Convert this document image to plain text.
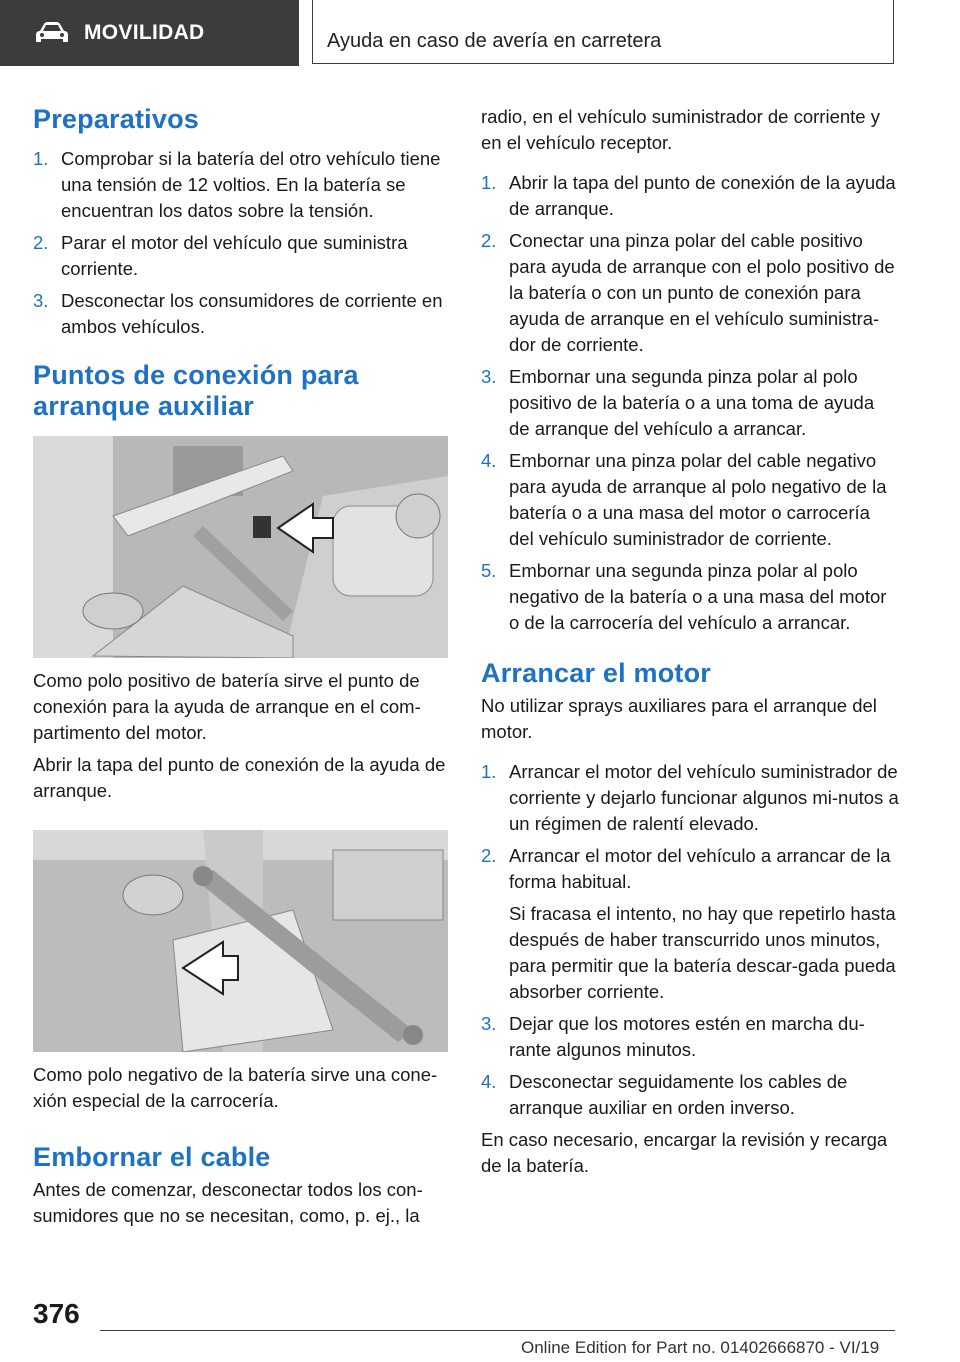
MOVILIDAD	Ayuda en caso de avería en carretera
Preparativos
1. Comprobar si la batería del otro vehículo tiene una tensión de 12 voltios. En la batería se encuentran los datos sobre la tensión.
2. Parar el motor del vehículo que suministra corriente.
3. Desconectar los consumidores de corriente en ambos vehículos.
Puntos de conexión para arranque auxiliar

Como polo positivo de batería sirve el punto de conexión para la ayuda de arranque en el com‐partimento del motor.

Abrir la tapa del punto de conexión de la ayuda de arranque.

Como polo negativo de la batería sirve una cone‐xión especial de la carrocería.

Embornar el cable

Antes de comenzar, desconectar todos los con‐sumidores que no se necesitan, como, p. ej., la

radio, en el vehículo suministrador de corriente y en el vehículo receptor.

1. Abrir la tapa del punto de conexión de la ayuda de arranque.
2. Conectar una pinza polar del cable positivo para ayuda de arranque con el polo positivo de la batería o con un punto de conexión para ayuda de arranque en el vehículo suministra‐dor de corriente.
3. Embornar una segunda pinza polar al polo positivo de la batería o a una toma de ayuda de arranque del vehículo a arrancar.
4. Embornar una pinza polar del cable negativo para ayuda de arranque al polo negativo de la batería o a una masa del motor o carrocería del vehículo suministrador de corriente.
5. Embornar una segunda pinza polar al polo negativo de la batería o a una masa del motor o de la carrocería del vehículo a arrancar.
Arrancar el motor

No utilizar sprays auxiliares para el arranque del motor.

1. Arrancar el motor del vehículo suministrador de corriente y dejarlo funcionar algunos mi‐nutos a un régimen de ralentí elevado.
2. Arrancar el motor del vehículo a arrancar de la forma habitual.
Si fracasa el intento, no hay que repetirlo hasta después de haber transcurrido unos minutos, para permitir que la batería descar‐gada pueda absorber corriente.
3. Dejar que los motores estén en marcha du‐rante algunos minutos.
4. Desconectar seguidamente los cables de arranque auxiliar en orden inverso.

En caso necesario, encargar la revisión y recarga de la batería.

376
Online Edition for Part no. 01402666870 - VI/19
